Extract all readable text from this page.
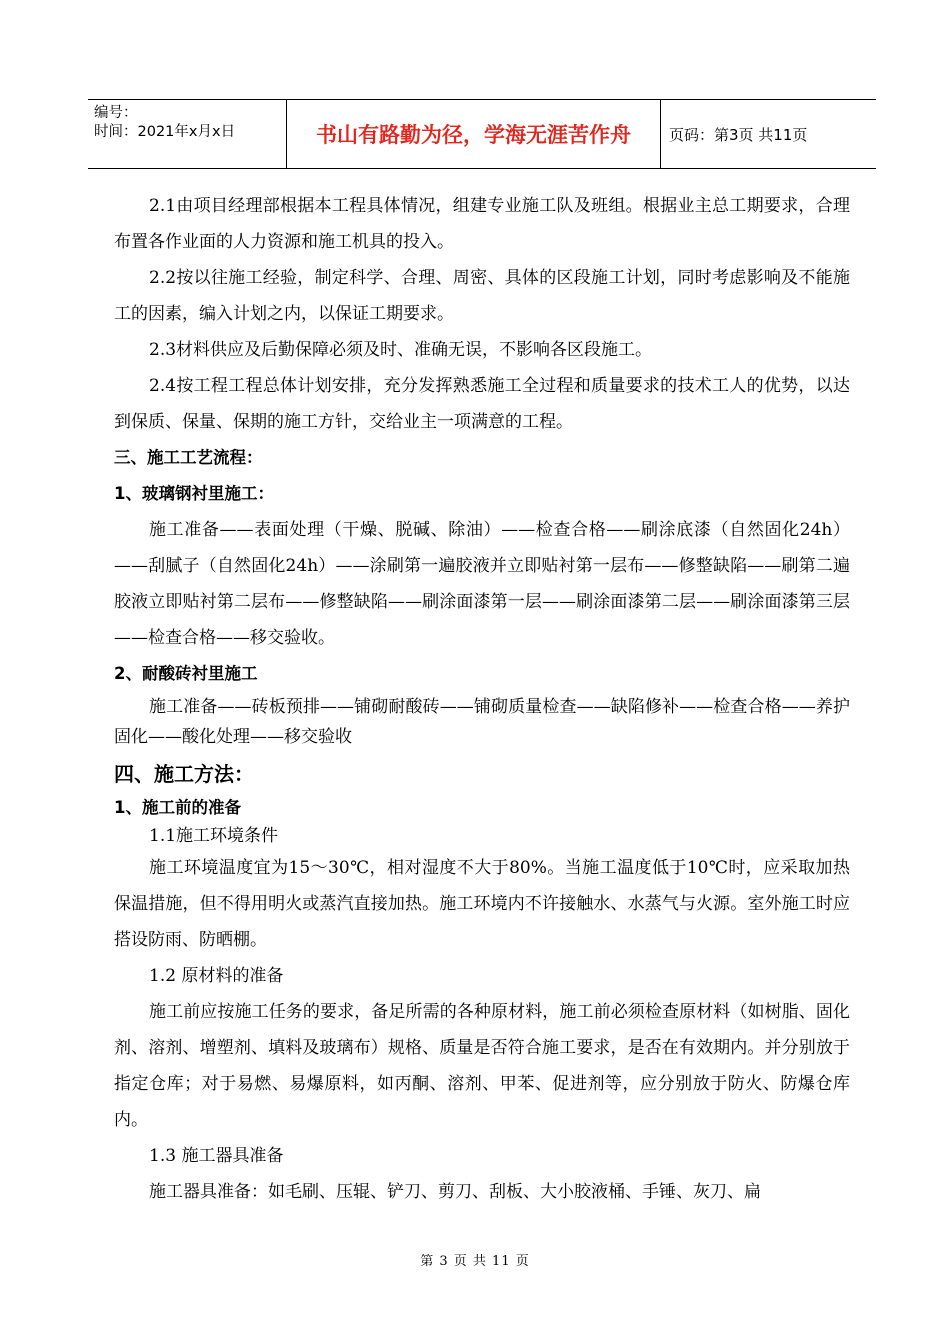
编号：
时间：2021年x月x日	书山有路勤为径，学海无涯苦作舟	页码：第3页 共11页

2.1由项目经理部根据本工程具体情况，组建专业施工队及班组。根据业主总工期要求，合理布置各作业面的人力资源和施工机具的投入。

2.2按以往施工经验，制定科学、合理、周密、具体的区段施工计划，同时考虑影响及不能施工的因素，编入计划之内，以保证工期要求。

2.3材料供应及后勤保障必须及时、准确无误，不影响各区段施工。

2.4按工程工程总体计划安排，充分发挥熟悉施工全过程和质量要求的技术工人的优势，以达到保质、保量、保期的施工方针，交给业主一项满意的工程。

三、施工工艺流程：

1、玻璃钢衬里施工：

施工准备——表面处理（干燥、脱碱、除油）——检查合格——刷涂底漆（自然固化24h）——刮腻子（自然固化24h）——涂刷第一遍胶液并立即贴衬第一层布——修整缺陷——刷第二遍胶液立即贴衬第二层布——修整缺陷——刷涂面漆第一层——刷涂面漆第二层——刷涂面漆第三层——检查合格——移交验收。

2、耐酸砖衬里施工

施工准备——砖板预排——铺砌耐酸砖——铺砌质量检查——缺陷修补——检查合格——养护固化——酸化处理——移交验收

四、施工方法：

1、施工前的准备

1.1施工环境条件

施工环境温度宜为15～30℃，相对湿度不大于80%。当施工温度低于10℃时，应采取加热保温措施，但不得用明火或蒸汽直接加热。施工环境内不许接触水、水蒸气与火源。室外施工时应搭设防雨、防晒棚。

1.2 原材料的准备

施工前应按施工任务的要求，备足所需的各种原材料，施工前必须检查原材料（如树脂、固化剂、溶剂、增塑剂、填料及玻璃布）规格、质量是否符合施工要求，是否在有效期内。并分别放于指定仓库；对于易燃、易爆原料，如丙酮、溶剂、甲苯、促进剂等，应分别放于防火、防爆仓库内。

1.3 施工器具准备

施工器具准备：如毛刷、压辊、铲刀、剪刀、刮板、大小胶液桶、手锤、灰刀、扁

第 3 页 共 11 页
